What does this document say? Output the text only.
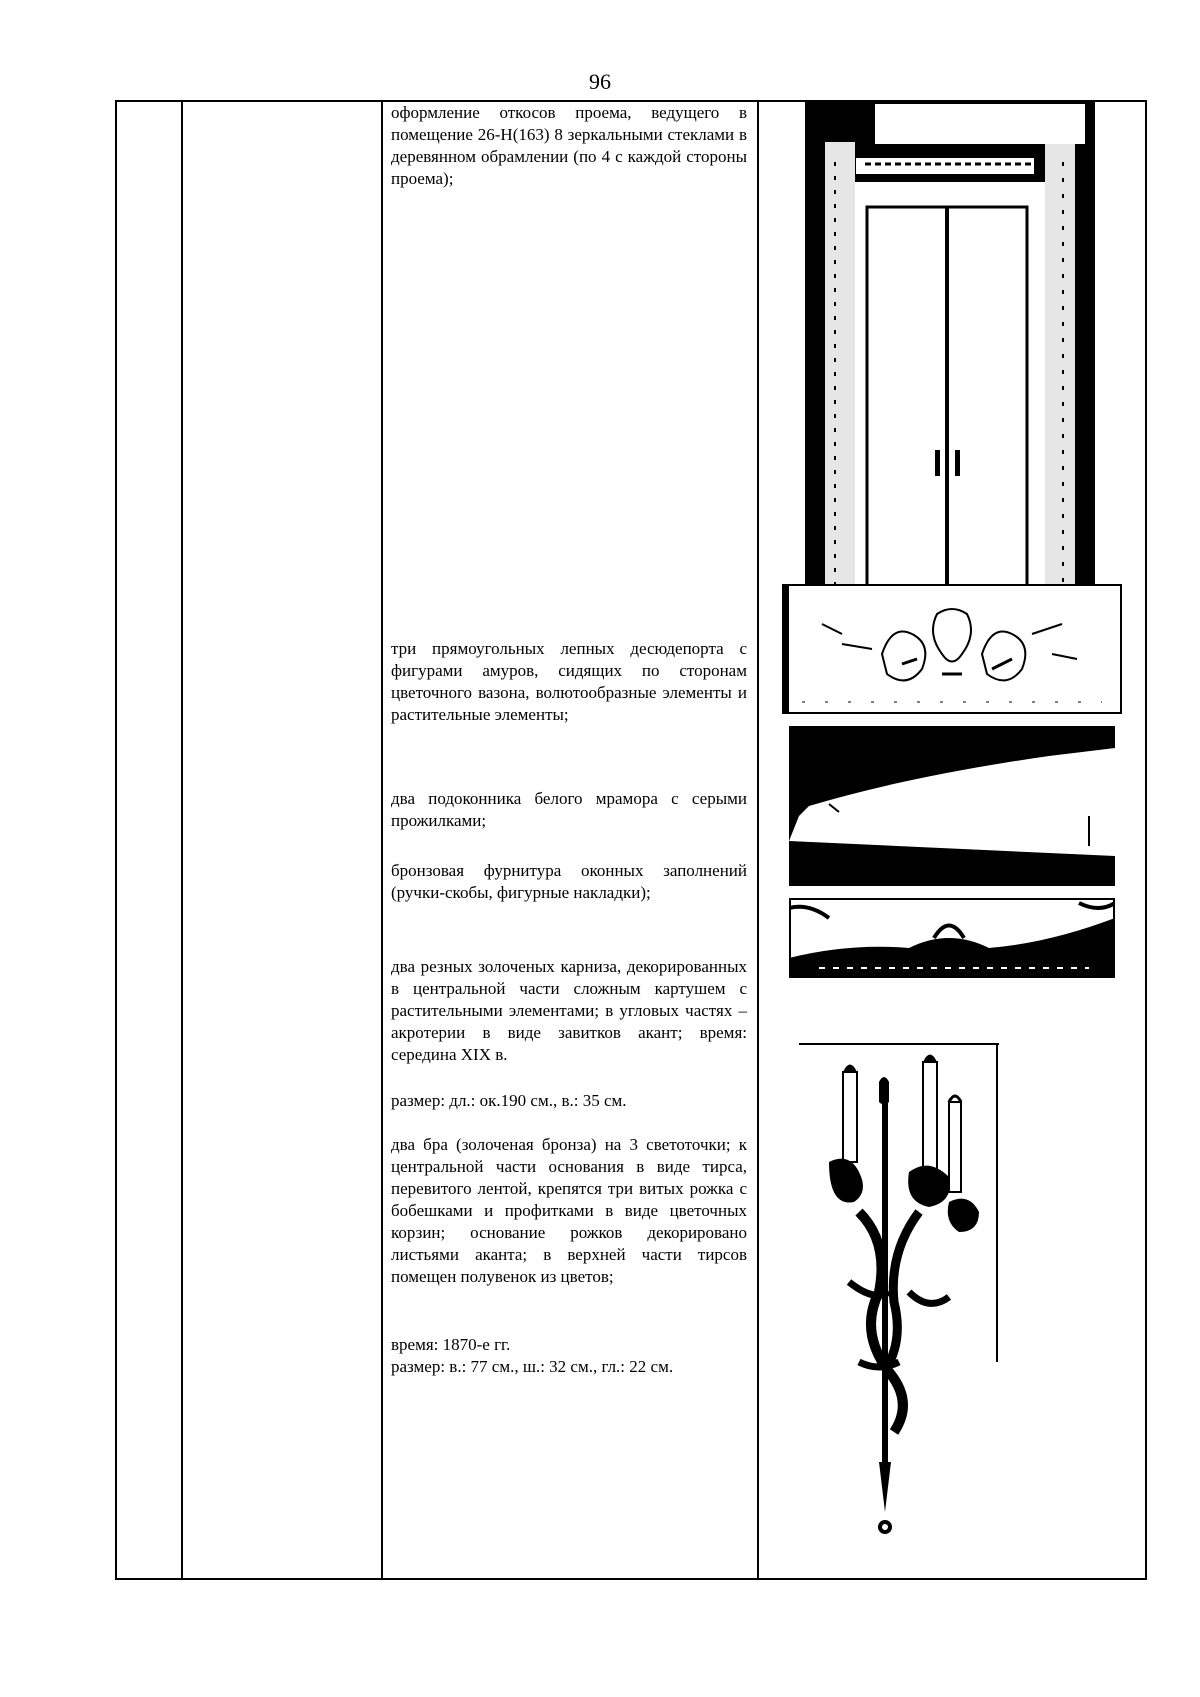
96

оформление откосов проема, ведущего в помещение 26-Н(163) 8 зеркальными стеклами в деревянном обрамлении (по 4 с каждой стороны проема);

три прямоугольных лепных десюдепорта с фигурами амуров, сидящих по сторонам цветочного вазона, волютообразные элементы и растительные элементы;

два подоконника белого мрамора с серыми прожилками;

бронзовая фурнитура оконных заполнений (ручки-скобы, фигурные накладки);

два резных золоченых карниза, декорированных в центральной части сложным картушем с растительными элементами; в угловых частях – акротерии в виде завитков акант; время: середина XIX в.

размер: дл.: ок.190 см., в.: 35 см.

два бра (золоченая бронза) на 3 светоточки; к центральной части основания в виде тирса, перевитого лентой, крепятся три витых рожка с бобешками и профитками в виде цветочных корзин; основание рожков декорировано листьями аканта; в верхней части тирсов помещен полувенок из цветов;

время: 1870-е гг.

размер: в.: 77 см., ш.: 32 см., гл.: 22 см.
